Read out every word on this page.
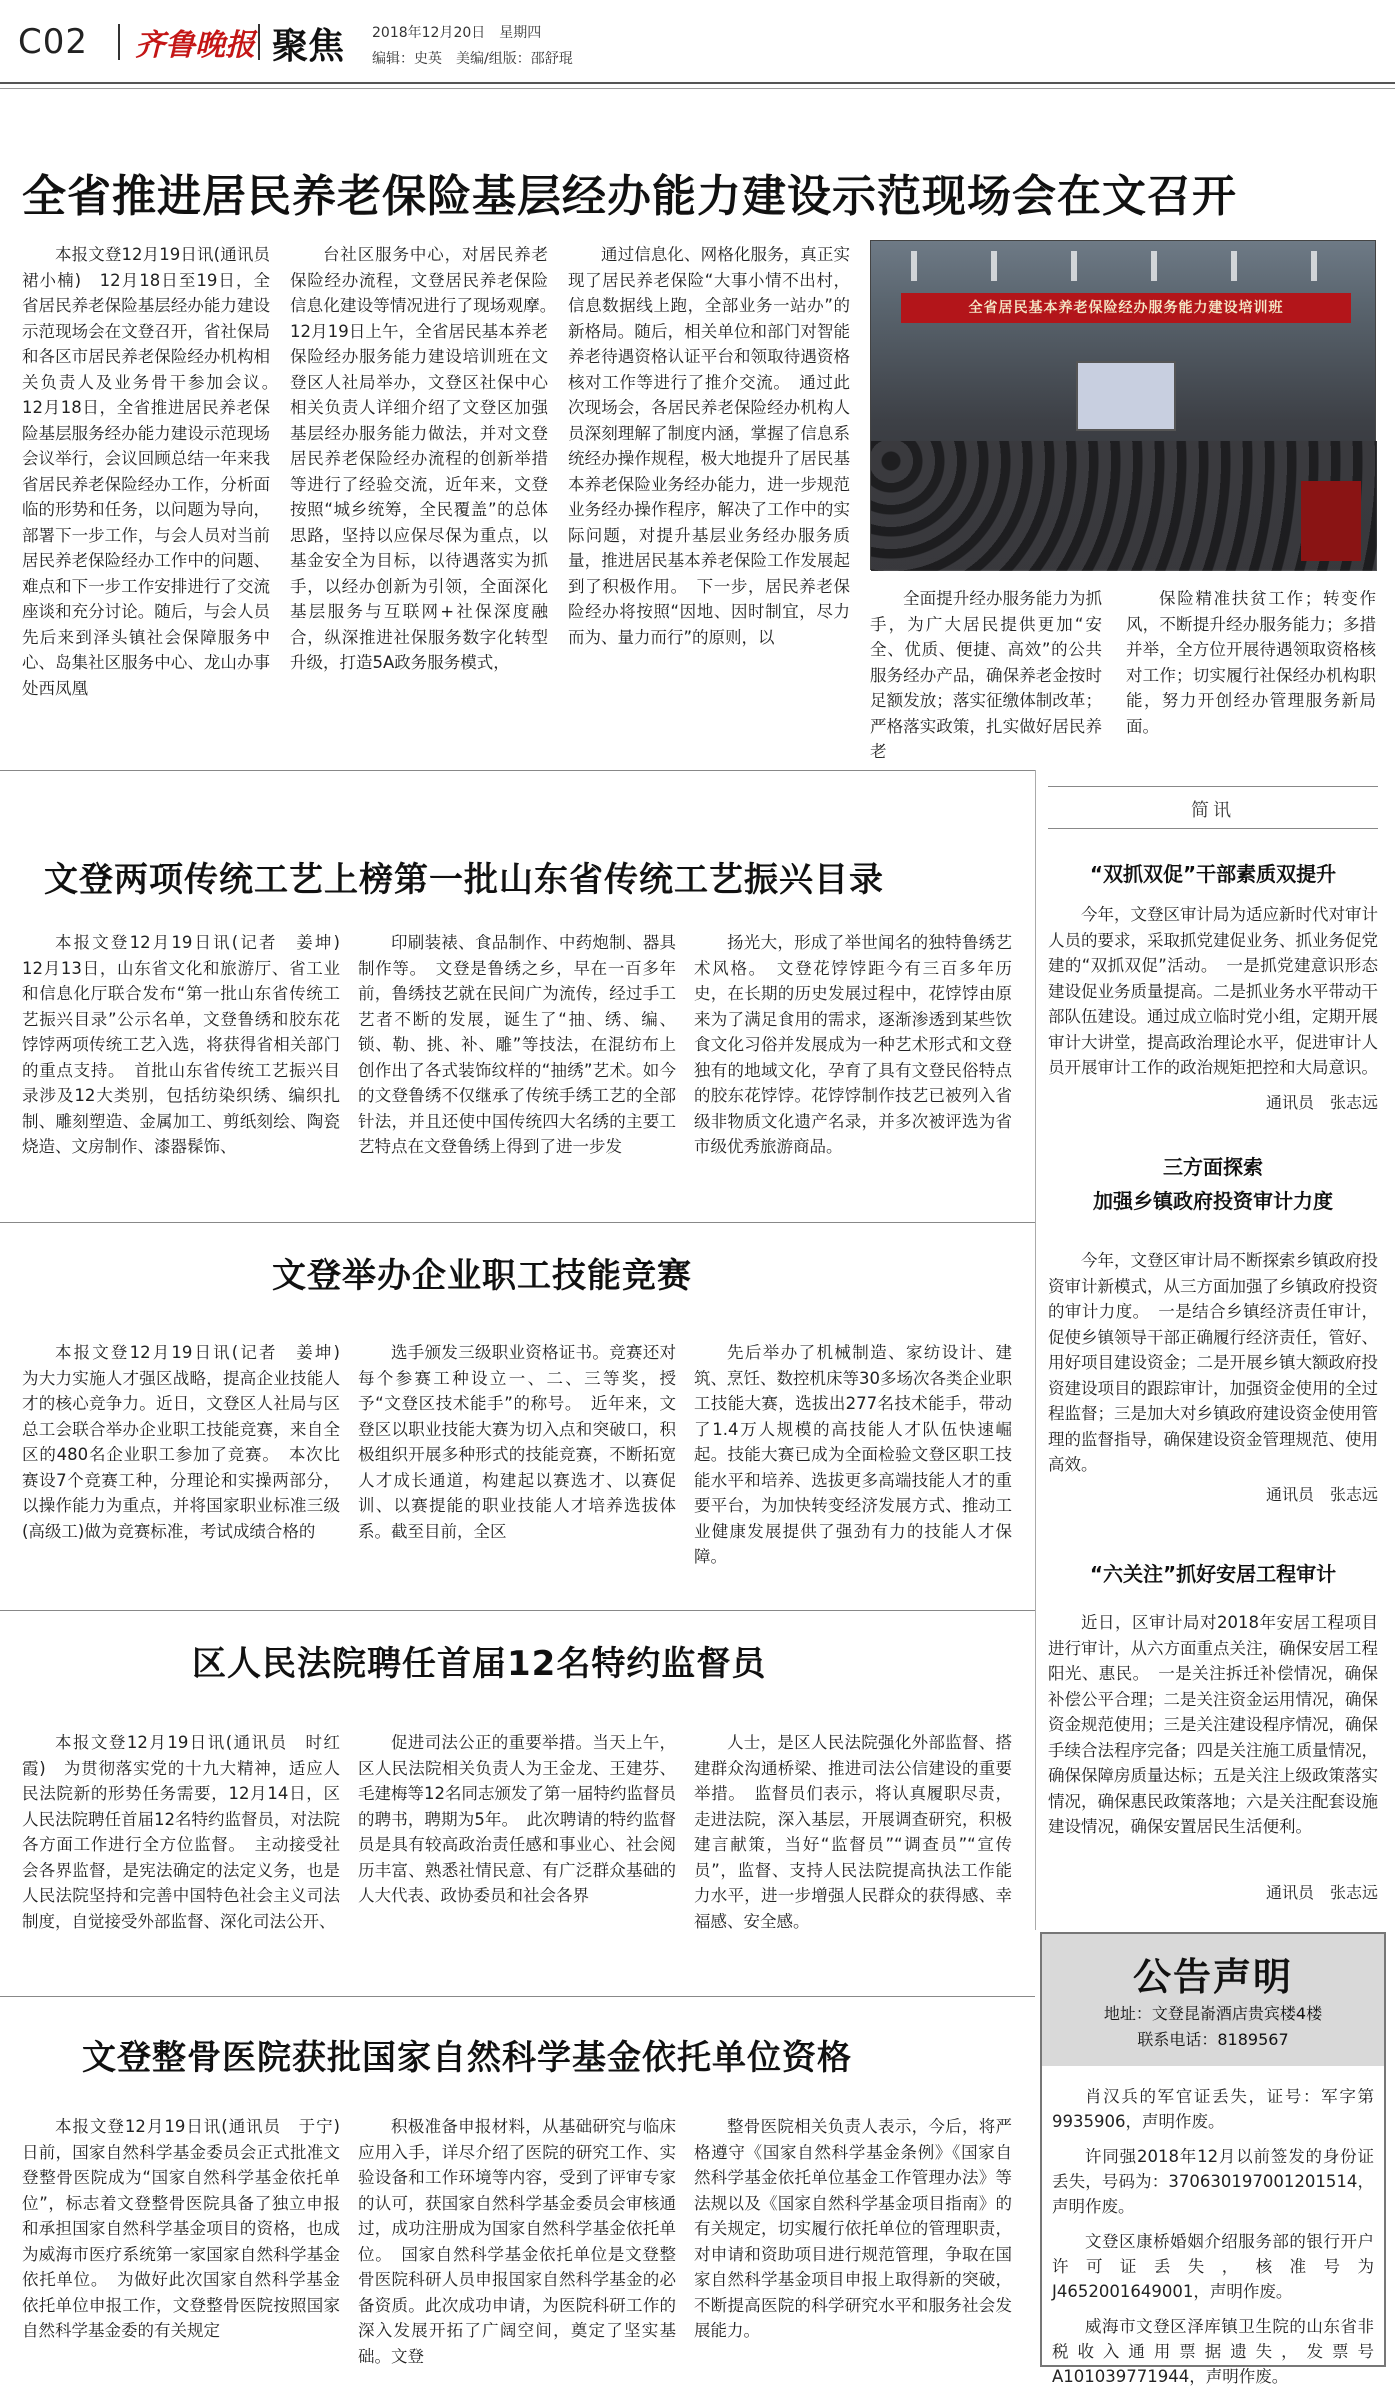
C02 齐鲁晚报 聚焦 2018年12月20日　星期四
编辑：史英　美编/组版：邵舒琨
全省推进居民养老保险基层经办能力建设示范现场会在文召开

本报文登12月19日讯(通讯员　裙小楠)　12月18日至19日，全省居民养老保险基层经办能力建设示范现场会在文登召开，省社保局和各区市居民养老保险经办机构相关负责人及业务骨干参加会议。　12月18日，全省推进居民养老保险基层服务经办能力建设示范现场会议举行，会议回顾总结一年来我省居民养老保险经办工作，分析面临的形势和任务，以问题为导向，部署下一步工作，与会人员对当前居民养老保险经办工作中的问题、难点和下一步工作安排进行了交流座谈和充分讨论。随后，与会人员先后来到泽头镇社会保障服务中心、岛集社区服务中心、龙山办事处西凤凰

台社区服务中心，对居民养老保险经办流程，文登居民养老保险信息化建设等情况进行了现场观摩。　12月19日上午，全省居民基本养老保险经办服务能力建设培训班在文登区人社局举办，文登区社保中心相关负责人详细介绍了文登区加强基层经办服务能力做法，并对文登居民养老保险经办流程的创新举措等进行了经验交流，近年来，文登按照“城乡统筹，全民覆盖”的总体思路，坚持以应保尽保为重点，以基金安全为目标，以待遇落实为抓手，以经办创新为引领，全面深化基层服务与互联网+社保深度融合，纵深推进社保服务数字化转型升级，打造5A政务服务模式，

通过信息化、网格化服务，真正实现了居民养老保险“大事小情不出村，信息数据线上跑，全部业务一站办”的新格局。随后，相关单位和部门对智能养老待遇资格认证平台和领取待遇资格核对工作等进行了推介交流。　通过此次现场会，各居民养老保险经办机构人员深刻理解了制度内涵，掌握了信息系统经办操作规程，极大地提升了居民基本养老保险业务经办能力，进一步规范业务经办操作程序，解决了工作中的实际问题，对提升基层业务经办服务质量，推进居民基本养老保险工作发展起到了积极作用。　下一步，居民养老保险经办将按照“因地、因时制宜，尽力而为、量力而行”的原则，以

全省居民基本养老保险经办服务能力建设培训班

全面提升经办服务能力为抓手，为广大居民提供更加“安全、优质、便捷、高效”的公共服务经办产品，确保养老金按时足额发放；落实征缴体制改革；严格落实政策，扎实做好居民养老

保险精准扶贫工作；转变作风，不断提升经办服务能力；多措并举，全方位开展待遇领取资格核对工作；切实履行社保经办机构职能，努力开创经办管理服务新局面。

文登两项传统工艺上榜第一批山东省传统工艺振兴目录

本报文登12月19日讯(记者　姜坤)　12月13日，山东省文化和旅游厅、省工业和信息化厅联合发布“第一批山东省传统工艺振兴目录”公示名单，文登鲁绣和胶东花饽饽两项传统工艺入选，将获得省相关部门的重点支持。　首批山东省传统工艺振兴目录涉及12大类别，包括纺染织绣、编织扎制、雕刻塑造、金属加工、剪纸刻绘、陶瓷烧造、文房制作、漆器髹饰、

印刷装裱、食品制作、中药炮制、器具制作等。　文登是鲁绣之乡，早在一百多年前，鲁绣技艺就在民间广为流传，经过手工艺者不断的发展，诞生了“抽、绣、编、锁、勒、挑、补、雕”等技法，在混纺布上创作出了各式装饰纹样的“抽绣”艺术。如今的文登鲁绣不仅继承了传统手绣工艺的全部针法，并且还使中国传统四大名绣的主要工艺特点在文登鲁绣上得到了进一步发

扬光大，形成了举世闻名的独特鲁绣艺术风格。　文登花饽饽距今有三百多年历史，在长期的历史发展过程中，花饽饽由原来为了满足食用的需求，逐渐渗透到某些饮食文化习俗并发展成为一种艺术形式和文登独有的地域文化，孕育了具有文登民俗特点的胶东花饽饽。花饽饽制作技艺已被列入省级非物质文化遗产名录，并多次被评选为省市级优秀旅游商品。

文登举办企业职工技能竞赛

本报文登12月19日讯(记者　姜坤)　为大力实施人才强区战略，提高企业技能人才的核心竞争力。近日，文登区人社局与区总工会联合举办企业职工技能竞赛，来自全区的480名企业职工参加了竞赛。　本次比赛设7个竞赛工种，分理论和实操两部分，以操作能力为重点，并将国家职业标准三级(高级工)做为竞赛标准，考试成绩合格的

选手颁发三级职业资格证书。竞赛还对每个参赛工种设立一、二、三等奖，授予“文登区技术能手”的称号。　近年来，文登区以职业技能大赛为切入点和突破口，积极组织开展多种形式的技能竞赛，不断拓宽人才成长通道，构建起以赛选才、以赛促训、以赛提能的职业技能人才培养选拔体系。截至目前，全区

先后举办了机械制造、家纺设计、建筑、烹饪、数控机床等30多场次各类企业职工技能大赛，选拔出277名技术能手，带动了1.4万人规模的高技能人才队伍快速崛起。技能大赛已成为全面检验文登区职工技能水平和培养、选拔更多高端技能人才的重要平台，为加快转变经济发展方式、推动工业健康发展提供了强劲有力的技能人才保障。

区人民法院聘任首届12名特约监督员

本报文登12月19日讯(通讯员　时红霞)　为贯彻落实党的十九大精神，适应人民法院新的形势任务需要，12月14日，区人民法院聘任首届12名特约监督员，对法院各方面工作进行全方位监督。　主动接受社会各界监督，是宪法确定的法定义务，也是人民法院坚持和完善中国特色社会主义司法制度，自觉接受外部监督、深化司法公开、

促进司法公正的重要举措。当天上午，区人民法院相关负责人为王金龙、王建芬、毛建梅等12名同志颁发了第一届特约监督员的聘书，聘期为5年。　此次聘请的特约监督员是具有较高政治责任感和事业心、社会阅历丰富、熟悉社情民意、有广泛群众基础的人大代表、政协委员和社会各界

人士，是区人民法院强化外部监督、搭建群众沟通桥梁、推进司法公信建设的重要举措。　监督员们表示，将认真履职尽责，走进法院，深入基层，开展调查研究，积极建言献策，当好“监督员”“调查员”“宣传员”，监督、支持人民法院提高执法工作能力水平，进一步增强人民群众的获得感、幸福感、安全感。

文登整骨医院获批国家自然科学基金依托单位资格

本报文登12月19日讯(通讯员　于宁)　日前，国家自然科学基金委员会正式批准文登整骨医院成为“国家自然科学基金依托单位”，标志着文登整骨医院具备了独立申报和承担国家自然科学基金项目的资格，也成为威海市医疗系统第一家国家自然科学基金依托单位。　为做好此次国家自然科学基金依托单位申报工作，文登整骨医院按照国家自然科学基金委的有关规定

积极准备申报材料，从基础研究与临床应用入手，详尽介绍了医院的研究工作、实验设备和工作环境等内容，受到了评审专家的认可，获国家自然科学基金委员会审核通过，成功注册成为国家自然科学基金依托单位。　国家自然科学基金依托单位是文登整骨医院科研人员申报国家自然科学基金的必备资质。此次成功申请，为医院科研工作的深入发展开拓了广阔空间，奠定了坚实基础。文登

整骨医院相关负责人表示，今后，将严格遵守《国家自然科学基金条例》《国家自然科学基金依托单位基金工作管理办法》等法规以及《国家自然科学基金项目指南》的有关规定，切实履行依托单位的管理职责，对申请和资助项目进行规范管理，争取在国家自然科学基金项目申报上取得新的突破，不断提高医院的科学研究水平和服务社会发展能力。

简讯
“双抓双促”干部素质双提升

今年，文登区审计局为适应新时代对审计人员的要求，采取抓党建促业务、抓业务促党建的“双抓双促”活动。　一是抓党建意识形态建设促业务质量提高。二是抓业务水平带动干部队伍建设。通过成立临时党小组，定期开展审计大讲堂，提高政治理论水平，促进审计人员开展审计工作的政治规矩把控和大局意识。

通讯员　张志远
三方面探索
加强乡镇政府投资审计力度

今年，文登区审计局不断探索乡镇政府投资审计新模式，从三方面加强了乡镇政府投资的审计力度。　一是结合乡镇经济责任审计，促使乡镇领导干部正确履行经济责任，管好、用好项目建设资金；二是开展乡镇大额政府投资建设项目的跟踪审计，加强资金使用的全过程监督；三是加大对乡镇政府建设资金使用管理的监督指导，确保建设资金管理规范、使用高效。

通讯员　张志远
“六关注”抓好安居工程审计

近日，区审计局对2018年安居工程项目进行审计，从六方面重点关注，确保安居工程阳光、惠民。　一是关注拆迁补偿情况，确保补偿公平合理；二是关注资金运用情况，确保资金规范使用；三是关注建设程序情况，确保手续合法程序完备；四是关注施工质量情况，确保保障房质量达标；五是关注上级政策落实情况，确保惠民政策落地；六是关注配套设施建设情况，确保安置居民生活便利。

通讯员　张志远
公告声明
地址：文登昆嵛酒店贵宾楼4楼
联系电话：8189567

肖汉兵的军官证丢失，证号：军字第9935906，声明作废。

许同强2018年12月以前签发的身份证丢失，号码为：370630197001201514，声明作废。

文登区康桥婚姻介绍服务部的银行开户许可证丢失，核准号为J4652001649001，声明作废。

威海市文登区泽库镇卫生院的山东省非税收入通用票据遗失，发票号A101039771944，声明作废。
